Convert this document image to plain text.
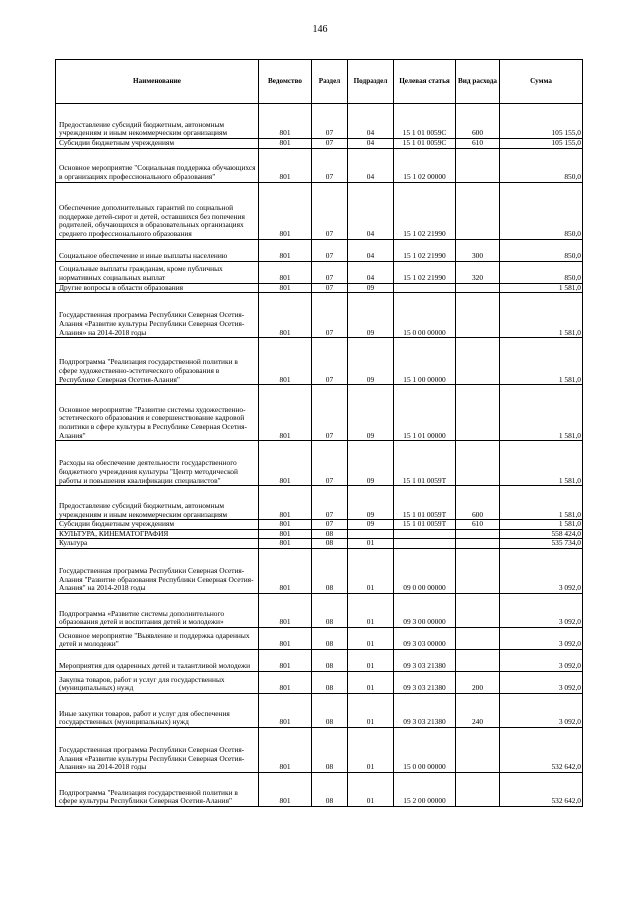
146
Наименование	Ведомство	Раздел	Подраздел	Целевая статья	Вид расхода	Сумма
Предоставление субсидий бюджетным, автономным учреждениям и иным некоммерческим организациям	801	07	04	15 1 01 0059С	600	105 155,0
Субсидии бюджетным учреждениям	801	07	04	15 1 01 0059С	610	105 155,0
Основное мероприятие "Социальная поддержка обучающихся в организациях профессионального образования"	801	07	04	15 1 02 00000		850,0
Обеспечение дополнительных гарантий по социальной поддержке детей-сирот и детей, оставшихся без попечения родителей, обучающихся в образовательных организациях среднего профессионального образования	801	07	04	15 1 02 21990		850,0
Социальное обеспечение и иные выплаты населению	801	07	04	15 1 02 21990	300	850,0
Социальные выплаты гражданам, кроме публичных нормативных социальных выплат	801	07	04	15 1 02 21990	320	850,0
Другие вопросы в области образования	801	07	09			1 581,0
Государственная программа Республики Северная Осетия-Алания «Развитие культуры Республики Северная Осетия-Алания» на 2014-2018 годы	801	07	09	15 0 00 00000		1 581,0
Подпрограмма "Реализация государственной политики в сфере художественно-эстетического образования в Республике Северная Осетия-Алания"	801	07	09	15 1 00 00000		1 581,0
Основное мероприятие "Развитие системы художественно-эстетического образования и совершенствование кадровой политики в сфере культуры в Республике Северная Осетия-Алания"	801	07	09	15 1 01 00000		1 581,0
Расходы на обеспечение деятельности государственного бюджетного учреждения культуры "Центр методической работы и повышения квалификации специалистов"	801	07	09	15 1 01 0059Т		1 581,0
Предоставление субсидий бюджетным, автономным учреждениям и иным некоммерческим организациям	801	07	09	15 1 01 0059Т	600	1 581,0
Субсидии бюджетным учреждениям	801	07	09	15 1 01 0059Т	610	1 581,0
КУЛЬТУРА, КИНЕМАТОГРАФИЯ	801	08				558 424,0
Культура	801	08	01			535 734,0
Государственная программа Республики Северная Осетия-Алания "Развитие образования Республики Северная Осетия-Алания" на 2014-2018 годы	801	08	01	09 0 00 00000		3 092,0
Подпрограмма «Развитие системы дополнительного образования детей и воспитания детей и молодежи»	801	08	01	09 3 00 00000		3 092,0
Основное мероприятие "Выявление и поддержка одаренных детей и молодежи"	801	08	01	09 3 03 00000		3 092,0
Мероприятия для одаренных детей и талантливой молодежи	801	08	01	09 3 03 21380		3 092,0
Закупка товаров, работ и услуг для государственных (муниципальных) нужд	801	08	01	09 3 03 21380	200	3 092,0
Иные закупки товаров, работ и услуг для обеспечения государственных (муниципальных) нужд	801	08	01	09 3 03 21380	240	3 092,0
Государственная программа Республики Северная Осетия-Алания «Развитие культуры Республики Северная Осетия-Алания» на 2014-2018 годы	801	08	01	15 0 00 00000		532 642,0
Подпрограмма "Реализация государственной политики в сфере культуры Республики Северная Осетия-Алания"	801	08	01	15 2 00 00000		532 642,0
